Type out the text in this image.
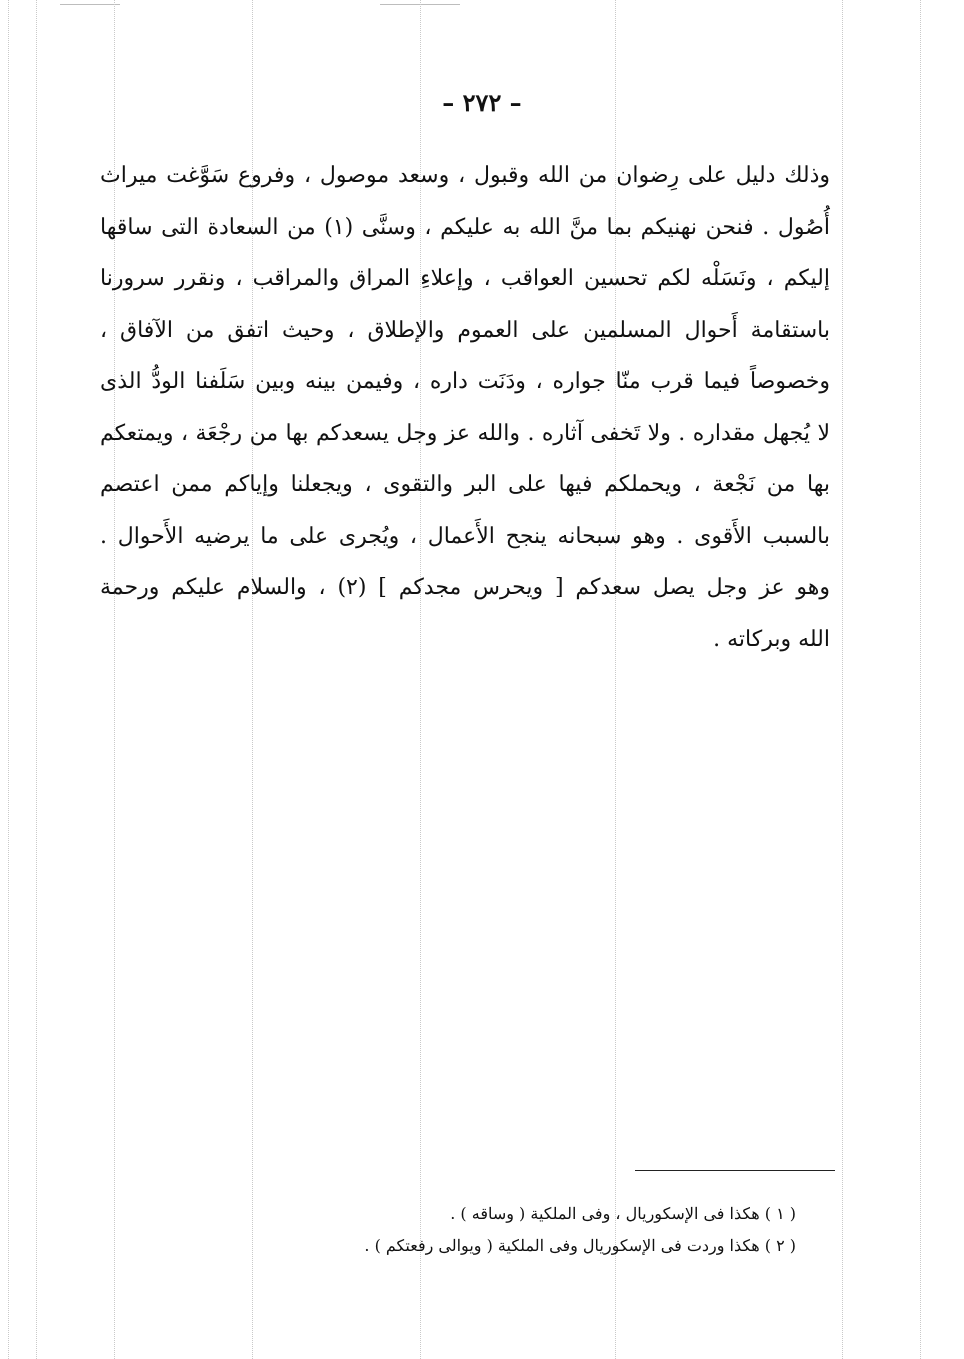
– ٢٧٢ –
وذلك دليل على رِضوان من الله وقبول ، وسعد موصول ، وفروع سَوَّغت ميراث
أُصُول . فنحن نهنيكم بما منَّ الله به عليكم ، وسنَّى (١) من السعادة التى ساقها
إليكم ، ونَسَلْه لكم تحسين العواقب ، وإعلاءِ المراق والمراقب ، ونقرر سرورنا
باستقامة أَحوال المسلمين على العموم والإطلاق ، وحيث اتفق من الآفاق ،
وخصوصاً فيما قرب منّا جواره ، ودَنَت داره ، وفيمن بينه وبين سَلَفنا الودُّ الذى
لا يُجهل مقداره . ولا تَخفى آثاره . والله عز وجل يسعدكم بها من رجْعَة ، ويمتعكم
بها من نَجْعة ، ويحملكم فيها على البر والتقوى ، ويجعلنا وإياكم ممن اعتصم
بالسبب الأَقوى . وهو سبحانه ينجح الأَعمال ، ويُجرى على ما يرضيه الأَحوال .
وهو عز وجل يصل سعدكم [ ويحرس مجدكم ] (٢) ، والسلام عليكم ورحمة
الله وبركاته .
( ١ ) هكذا فى الإسكوريال ، وفى الملكية ( وساقه ) .
( ٢ ) هكذا وردت فى الإسكوريال وفى الملكية ( ويوالى رفعتكم ) .
